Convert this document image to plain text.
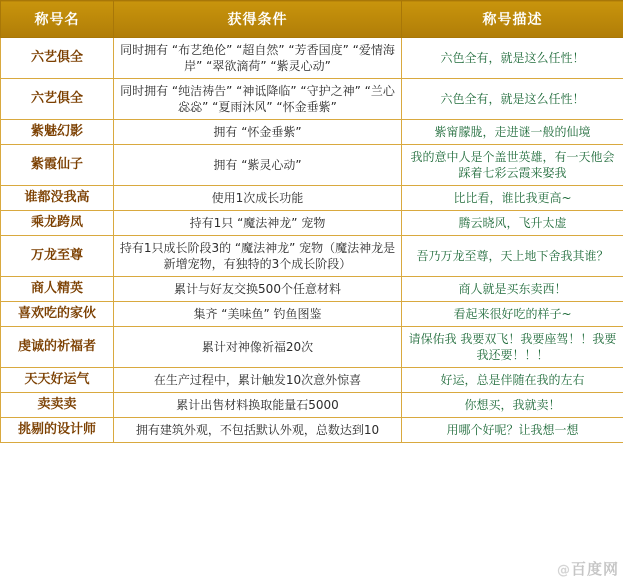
称号名	获得条件	称号描述
六艺俱全	同时拥有 “布艺绝伦” “超自然” “芳香国度” “爱情海岸” “翠欲滴荷” “紫灵心动”	六色全有，就是这么任性！
六艺俱全	同时拥有 “纯洁祷告” “神诋降临” “守护之神” “兰心惢惢” “夏雨沐风” “怀金垂紫”	六色全有，就是这么任性！
紫魅幻影	拥有 “怀金垂紫”	紫甯朦胧，走进谜一般的仙境
紫霞仙子	拥有 “紫灵心动”	我的意中人是个盖世英雄，有一天他会踩着七彩云霞来娶我
谁都没我高	使用1次成长功能	比比看，谁比我更高~
乘龙跨凤	持有1只 “魔法神龙” 宠物	腾云晓风，飞升太虚
万龙至尊	持有1只成长阶段3的 “魔法神龙” 宠物（魔法神龙是新增宠物，有独特的3个成长阶段）	吾乃万龙至尊，天上地下舍我其谁？
商人精英	累计与好友交换500个任意材料	商人就是买东卖西！
喜欢吃的家伙	集齐 “美味鱼” 钓鱼图鉴	看起来很好吃的样子~
虔诚的祈福者	累计对神像祈福20次	请保佑我 我要双飞！我要座驾！！我要我还要！！！
天天好运气	在生产过程中，累计触发10次意外惊喜	好运，总是伴随在我的左右
卖卖卖	累计出售材料换取能量石5000	你想买，我就卖！
挑剔的设计师	拥有建筑外观，不包括默认外观，总数达到10	用哪个好呢？让我想一想
@百度网
